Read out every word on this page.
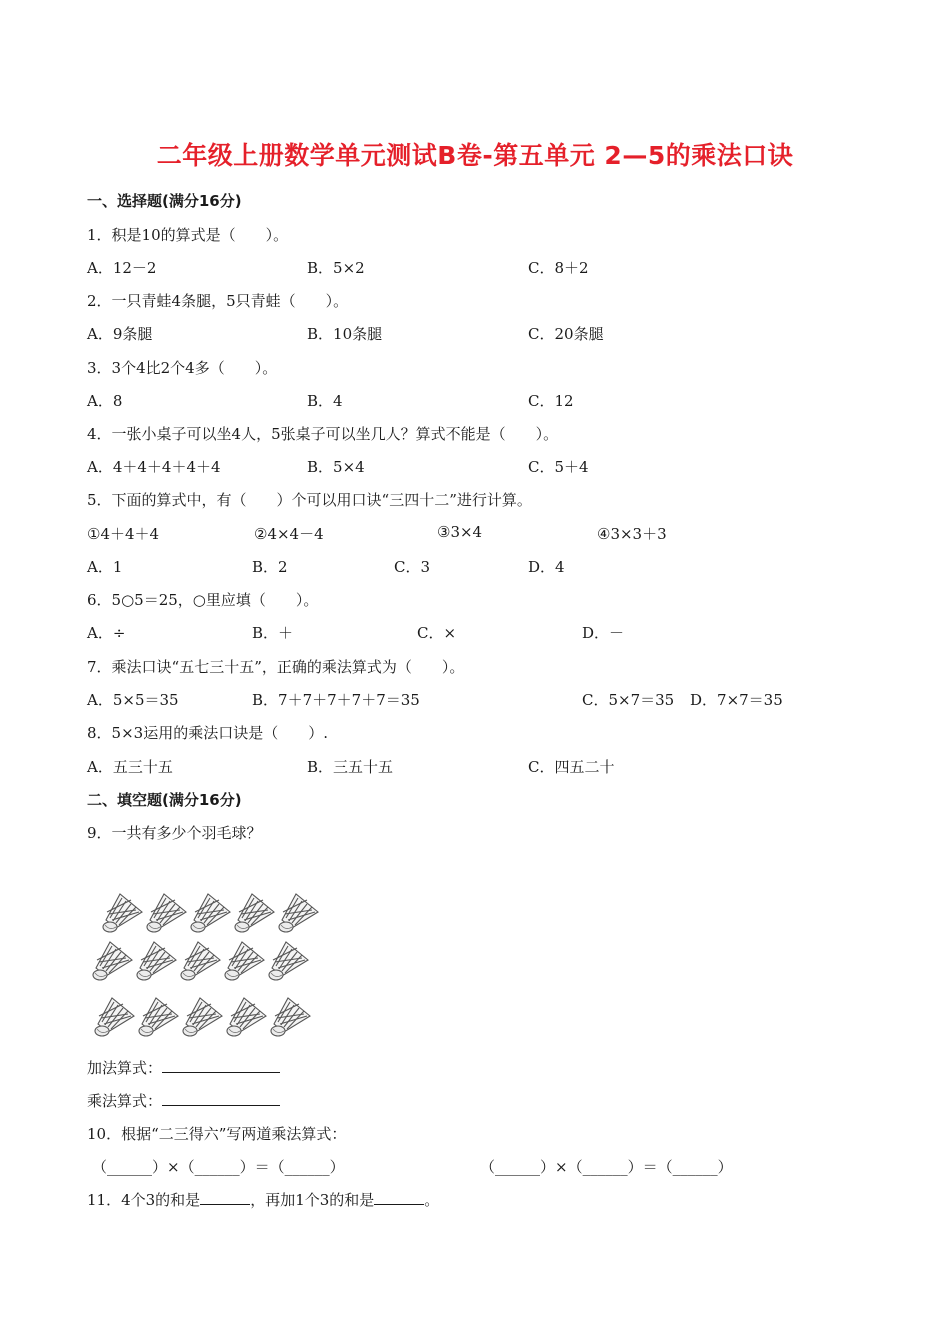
二年级上册数学单元测试B卷-第五单元 2—5的乘法口诀
一、选择题(满分16分)
1．积是10的算式是（　　）。
A．12－2	B．5×2	C．8＋2
2．一只青蛙4条腿，5只青蛙（　　）。
A．9条腿	B．10条腿	C．20条腿
3．3个4比2个4多（　　）。
A．8	B．4	C．12
4．一张小桌子可以坐4人，5张桌子可以坐几人？算式不能是（　　）。
A．4＋4＋4＋4＋4	B．5×4	C．5＋4
5．下面的算式中，有（　　）个可以用口诀“三四十二”进行计算。
①4＋4＋4	②4×4－4	③3×4	④3×3＋3
A．1	B．2	C．3	D．4
6．5○5＝25，○里应填（　　）。
A．÷	B．＋	C．×	D．－
7．乘法口诀“五七三十五”，正确的乘法算式为（　　）。
A．5×5＝35	B．7＋7＋7＋7＋7＝35	C．5×7＝35 D．7×7＝35
8．5×3运用的乘法口诀是（　　）.
A．五三十五	B．三五十五	C．四五二十
二、填空题(满分16分)
9．一共有多少个羽毛球？
加法算式：
乘法算式：
10．根据“二三得六”写两道乘法算式：
（______）×（______）＝（______）	（______）×（______）＝（______）
11．4个3的和是	，再加1个3的和是	。
